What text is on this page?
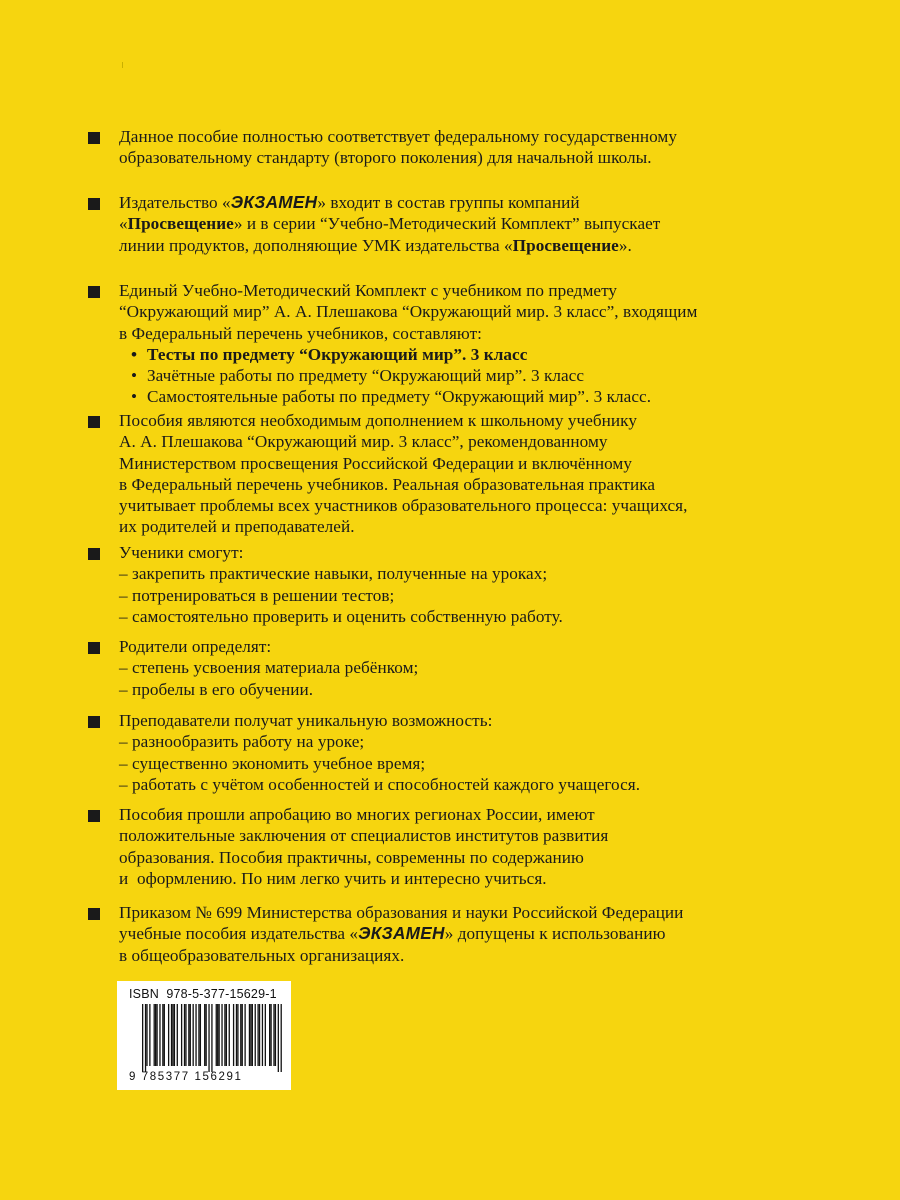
Данное пособие полностью соответствует федеральному государственному
образовательному стандарту (второго поколения) для начальной школы.
Издательство «ЭКЗАМЕН» входит в состав группы компаний
«Просвещение» и в серии “Учебно-Методический Комплект” выпускает
линии продуктов, дополняющие УМК издательства «Просвещение».
Единый Учебно-Методический Комплект с учебником по предмету
“Окружающий мир” А. А. Плешакова “Окружающий мир. 3 класс”, входящим
в Федеральный перечень учебников, составляют:
• Тесты по предмету “Окружающий мир”. 3 класс
• Зачётные работы по предмету “Окружающий мир”. 3 класс
• Самостоятельные работы по предмету “Окружающий мир”. 3 класс.
Пособия являются необходимым дополнением к школьному учебнику
А. А. Плешакова “Окружающий мир. 3 класс”, рекомендованному
Министерством просвещения Российской Федерации и включённому
в Федеральный перечень учебников. Реальная образовательная практика
учитывает проблемы всех участников образовательного процесса: учащихся,
их родителей и преподавателей.
Ученики смогут:
– закрепить практические навыки, полученные на уроках;
– потренироваться в решении тестов;
– самостоятельно проверить и оценить собственную работу.
Родители определят:
– степень усвоения материала ребёнком;
– пробелы в его обучении.
Преподаватели получат уникальную возможность:
– разнообразить работу на уроке;
– существенно экономить учебное время;
– работать с учётом особенностей и способностей каждого учащегося.
Пособия прошли апробацию во многих регионах России, имеют
положительные заключения от специалистов институтов развития
образования. Пособия практичны, современны по содержанию
и  оформлению. По ним легко учить и интересно учиться.
Приказом № 699 Министерства образования и науки Российской Федерации
учебные пособия издательства «ЭКЗАМЕН» допущены к использованию
в общеобразовательных организациях.
ISBN  978-5-377-15629-1
9 785377 156291
